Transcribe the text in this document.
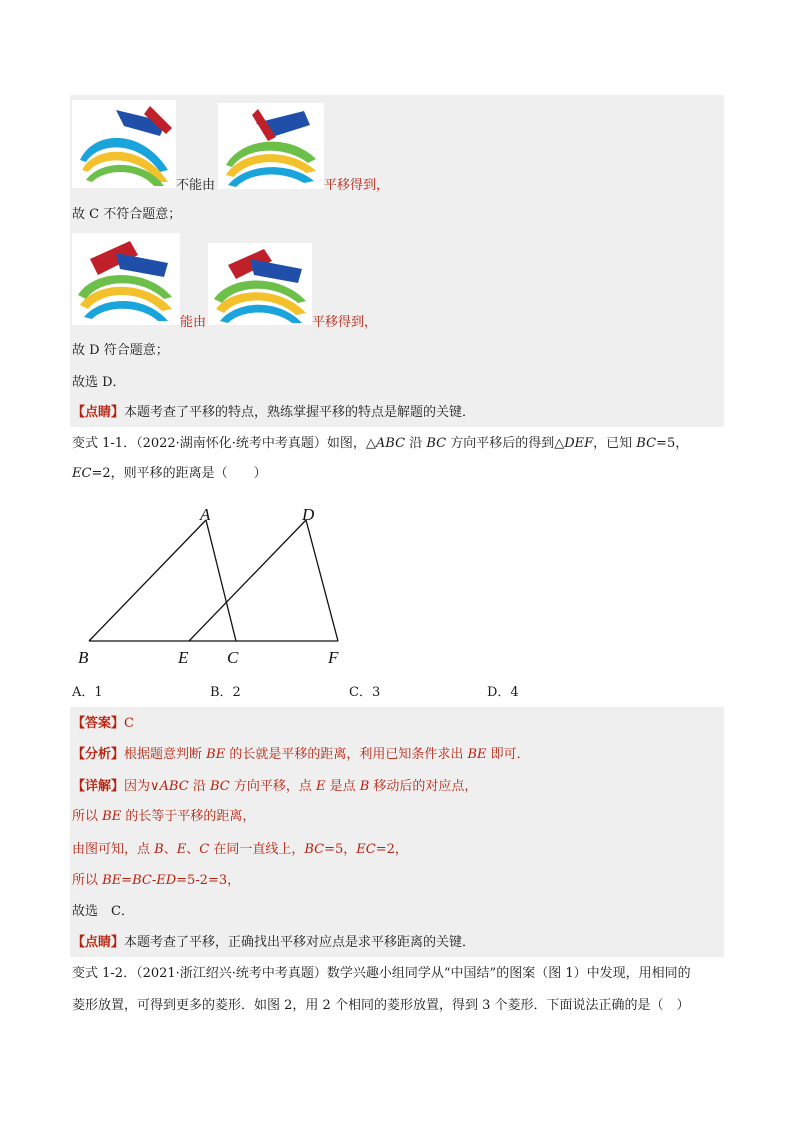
不能由	平移得到，
故 C 不符合题意；
能由	平移得到，
故 D 符合题意；
故选 D．
【点睛】本题考查了平移的特点，熟练掌握平移的特点是解题的关键．
变式 1-1．（2022·湖南怀化·统考中考真题）如图，△ABC 沿 BC 方向平移后的得到△DEF，已知 BC=5，
EC=2，则平移的距离是（　　）
A	D
B	E C	F
A．1	B．2	C．3	D．4
【答案】C
【分析】根据题意判断 BE 的长就是平移的距离，利用已知条件求出 BE 即可．
【详解】因为∨ABC 沿 BC 方向平移，点 E 是点 B 移动后的对应点，
所以 BE 的长等于平移的距离，
由图可知，点 B、E、C 在同一直线上，BC=5，EC=2，
所以 BE=BC-ED=5-2=3，
故选　C．
【点睛】本题考查了平移，正确找出平移对应点是求平移距离的关键．
变式 1-2．（2021·浙江绍兴·统考中考真题）数学兴趣小组同学从“中国结”的图案（图 1）中发现，用相同的
菱形放置，可得到更多的菱形．如图 2，用 2 个相同的菱形放置，得到 3 个菱形．下面说法正确的是（　）
